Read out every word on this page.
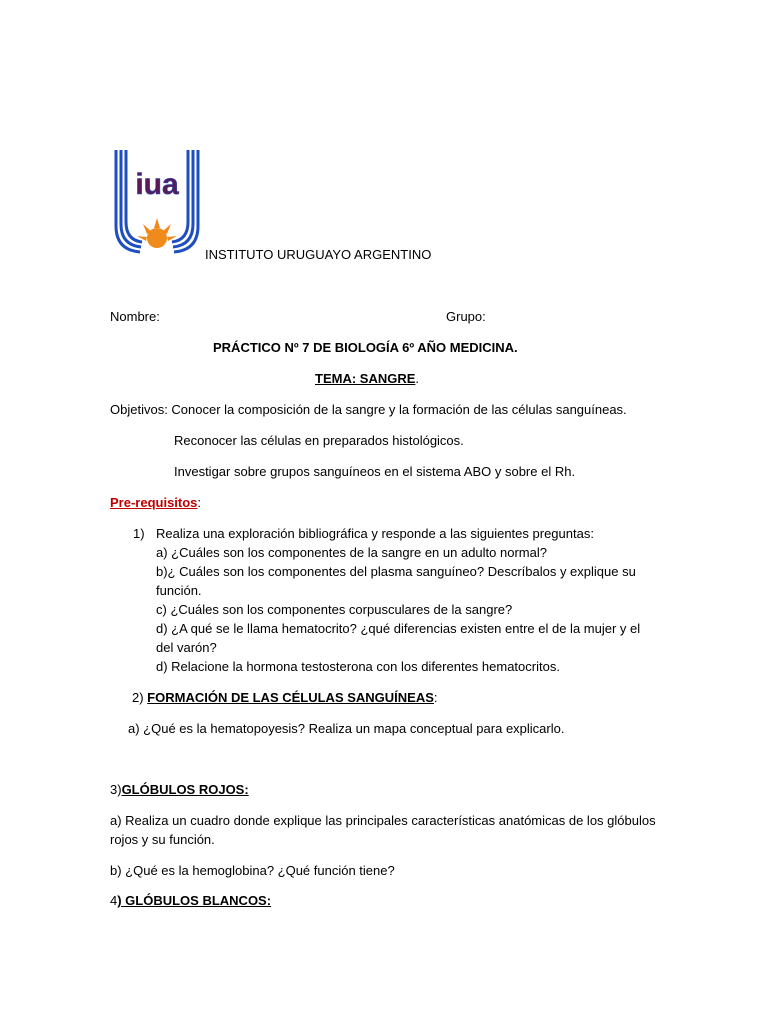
iua
INSTITUTO URUGUAYO ARGENTINO
Nombre:	Grupo:
PRÁCTICO Nº 7 DE BIOLOGÍA 6º AÑO MEDICINA.
TEMA: SANGRE.
Objetivos: Conocer la composición de la sangre y la formación de las células sanguíneas.
Reconocer las células en preparados histológicos.
Investigar sobre grupos sanguíneos en el sistema ABO y sobre el Rh.
Pre-requisitos:
1) Realiza una exploración bibliográfica y responde a las siguientes preguntas:
a) ¿Cuáles son los componentes de la sangre en un adulto normal?
b)¿ Cuáles son los componentes del plasma sanguíneo? Descríbalos y explique su
función.
c) ¿Cuáles son los componentes corpusculares de la sangre?
d) ¿A qué se le llama hematocrito? ¿qué diferencias existen entre el de la mujer y el
del varón?
d) Relacione la hormona testosterona con los diferentes hematocritos.
2) FORMACIÓN DE LAS CÉLULAS SANGUÍNEAS:
a) ¿Qué es la hematopoyesis? Realiza un mapa conceptual para explicarlo.
3)GLÓBULOS ROJOS:
a) Realiza un cuadro donde explique las principales características anatómicas de los glóbulos
rojos y su función.
b) ¿Qué es la hemoglobina? ¿Qué función tiene?
4) GLÓBULOS BLANCOS:
